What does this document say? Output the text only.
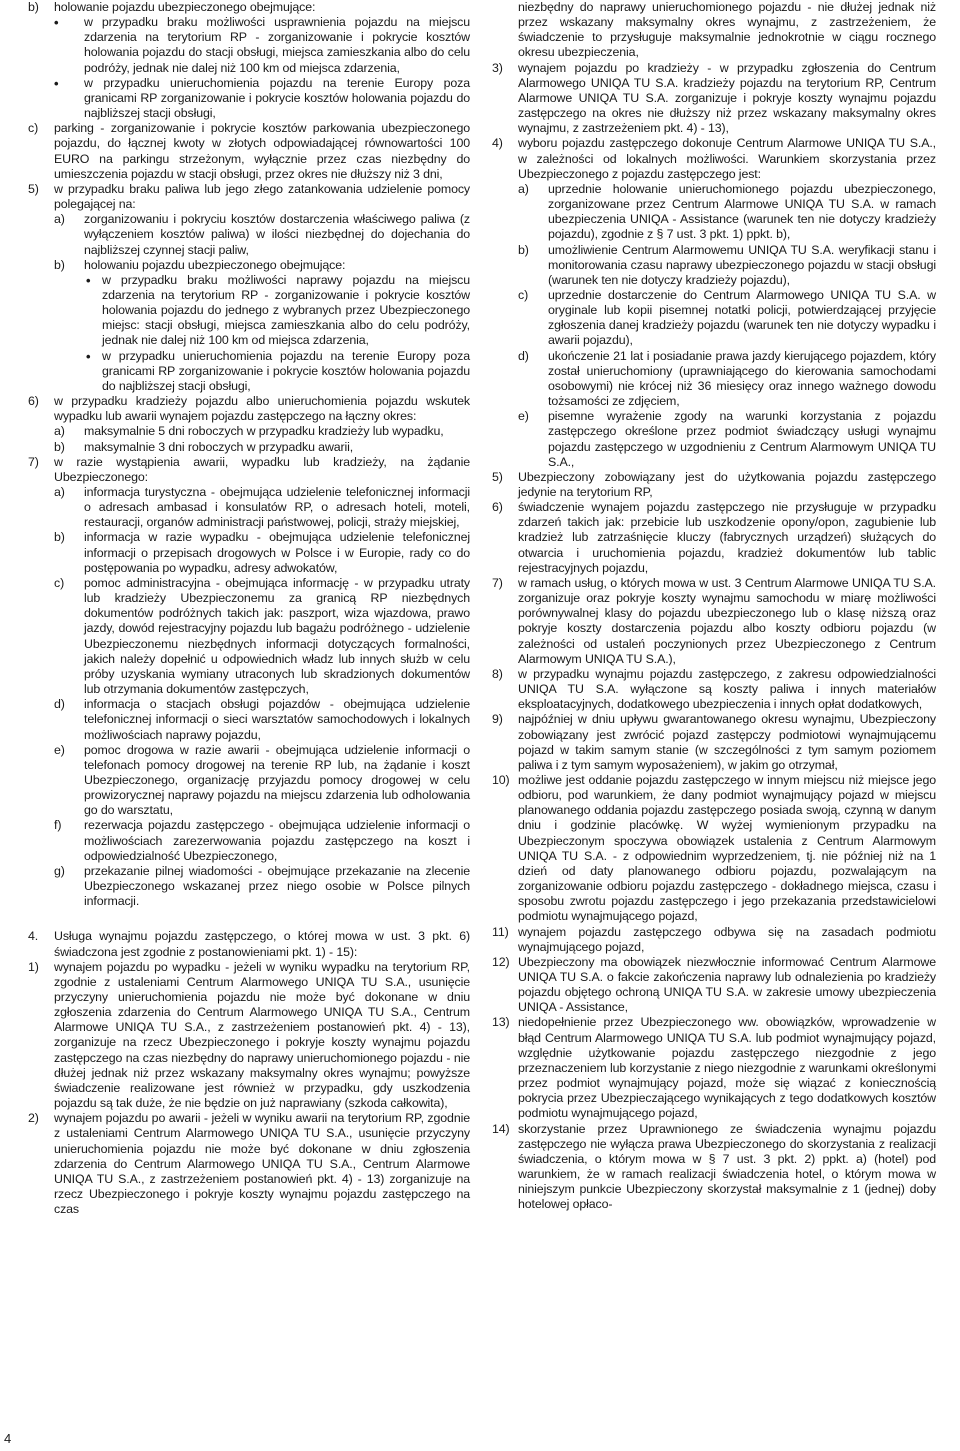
b) holowanie pojazdu ubezpieczonego obejmujące:
• w przypadku braku możliwości usprawnienia pojazdu na miejscu zdarzenia na terytorium RP - zorganizowanie i pokrycie kosztów holowania pojazdu do stacji obsługi, miejsca zamieszkania albo do celu podróży, jednak nie dalej niż 100 km od miejsca zdarzenia,
• w przypadku unieruchomienia pojazdu na terenie Europy poza granicami RP zorganizowanie i pokrycie kosztów holowania pojazdu do najbliższej stacji obsługi,
c) parking - zorganizowanie i pokrycie kosztów parkowania ubezpieczonego pojazdu, do łącznej kwoty w złotych odpowiadającej równowartości 100 EURO na parkingu strzeżonym, wyłącznie przez czas niezbędny do umieszczenia pojazdu w stacji obsługi, przez okres nie dłuższy niż 3 dni,
5) w przypadku braku paliwa lub jego złego zatankowania udzielenie pomocy polegającej na:
a) zorganizowaniu i pokryciu kosztów dostarczenia właściwego paliwa (z wyłączeniem kosztów paliwa) w ilości niezbędnej do dojechania do najbliższej czynnej stacji paliw,
b) holowaniu pojazdu ubezpieczonego obejmujące:
• w przypadku braku możliwości naprawy pojazdu na miejscu zdarzenia na terytorium RP - zorganizowanie i pokrycie kosztów holowania pojazdu do jednego z wybranych przez Ubezpieczonego miejsc: stacji obsługi, miejsca zamieszkania albo do celu podróży, jednak nie dalej niż 100 km od miejsca zdarzenia,
• w przypadku unieruchomienia pojazdu na terenie Europy poza granicami RP zorganizowanie i pokrycie kosztów holowania pojazdu do najbliższej stacji obsługi,
6) w przypadku kradzieży pojazdu albo unieruchomienia pojazdu wskutek wypadku lub awarii wynajem pojazdu zastępczego na łączny okres:
a) maksymalnie 5 dni roboczych w przypadku kradzieży lub wypadku,
b) maksymalnie 3 dni roboczych w przypadku awarii,
7) w razie wystąpienia awarii, wypadku lub kradzieży, na żądanie Ubezpieczonego:
a) informacja turystyczna - obejmująca udzielenie telefonicznej informacji o adresach ambasad i konsulatów RP, o adresach hoteli, moteli, restauracji, organów administracji państwowej, policji, straży miejskiej,
b) informacja w razie wypadku - obejmująca udzielenie telefonicznej informacji o przepisach drogowych w Polsce i w Europie, rady co do postępowania po wypadku, adresy adwokatów,
c) pomoc administracyjna - obejmująca informację - w przypadku utraty lub kradzieży Ubezpieczonemu za granicą RP niezbędnych dokumentów podróżnych takich jak: paszport, wiza wjazdowa, prawo jazdy, dowód rejestracyjny pojazdu lub bagażu podróżnego - udzielenie Ubezpieczonemu niezbędnych informacji dotyczących formalności, jakich należy dopełnić u odpowiednich władz lub innych służb w celu próby uzyskania wymiany utraconych lub skradzionych dokumentów lub otrzymania dokumentów zastępczych,
d) informacja o stacjach obsługi pojazdów - obejmująca udzielenie telefonicznej informacji o sieci warsztatów samochodowych i lokalnych możliwościach naprawy pojazdu,
e) pomoc drogowa w razie awarii - obejmująca udzielenie informacji o telefonach pomocy drogowej na terenie RP lub, na żądanie i koszt Ubezpieczonego, organizację przyjazdu pomocy drogowej w celu prowizorycznej naprawy pojazdu na miejscu zdarzenia lub odholowania go do warsztatu,
f) rezerwacja pojazdu zastępczego - obejmująca udzielenie informacji o możliwościach zarezerwowania pojazdu zastępczego na koszt i odpowiedzialność Ubezpieczonego,
g) przekazanie pilnej wiadomości - obejmujące przekazanie na zlecenie Ubezpieczonego wskazanej przez niego osobie w Polsce pilnych informacji.
4. Usługa wynajmu pojazdu zastępczego, o której mowa w ust. 3 pkt. 6) świadczona jest zgodnie z postanowieniami pkt. 1) - 15):
1) wynajem pojazdu po wypadku - jeżeli w wyniku wypadku na terytorium RP, zgodnie z ustaleniami Centrum Alarmowego UNIQA TU S.A., usunięcie przyczyny unieruchomienia pojazdu nie może być dokonane w dniu zgłoszenia zdarzenia do Centrum Alarmowego UNIQA TU S.A., Centrum Alarmowe UNIQA TU S.A., z zastrzeżeniem postanowień pkt. 4) - 13), zorganizuje na rzecz Ubezpieczonego i pokryje koszty wynajmu pojazdu zastępczego na czas niezbędny do naprawy unieruchomionego pojazdu - nie dłużej jednak niż przez wskazany maksymalny okres wynajmu; powyższe świadczenie realizowane jest również w przypadku, gdy uszkodzenia pojazdu są tak duże, że nie będzie on już naprawiany (szkoda całkowita),
2) wynajem pojazdu po awarii - jeżeli w wyniku awarii na terytorium RP, zgodnie z ustaleniami Centrum Alarmowego UNIQA TU S.A., usunięcie przyczyny unieruchomienia pojazdu nie może być dokonane w dniu zgłoszenia zdarzenia do Centrum Alarmowego UNIQA TU S.A., Centrum Alarmowe UNIQA TU S.A., z zastrzeżeniem postanowień pkt. 4) - 13) zorganizuje na rzecz Ubezpieczonego i pokryje koszty wynajmu pojazdu zastępczego na czas
niezbędny do naprawy unieruchomionego pojazdu - nie dłużej jednak niż przez wskazany maksymalny okres wynajmu, z zastrzeżeniem, że świadczenie to przysługuje maksymalnie jednokrotnie w ciągu rocznego okresu ubezpieczenia,
3) wynajem pojazdu po kradzieży - w przypadku zgłoszenia do Centrum Alarmowego UNIQA TU S.A. kradzieży pojazdu na terytorium RP, Centrum Alarmowe UNIQA TU S.A. zorganizuje i pokryje koszty wynajmu pojazdu zastępczego na okres nie dłuższy niż przez wskazany maksymalny okres wynajmu, z zastrzeżeniem pkt. 4) - 13),
4) wyboru pojazdu zastępczego dokonuje Centrum Alarmowe UNIQA TU S.A., w zależności od lokalnych możliwości. Warunkiem skorzystania przez Ubezpieczonego z pojazdu zastępczego jest:
a) uprzednie holowanie unieruchomionego pojazdu ubezpieczonego, zorganizowane przez Centrum Alarmowe UNIQA TU S.A. w ramach ubezpieczenia UNIQA - Assistance (warunek ten nie dotyczy kradzieży pojazdu), zgodnie z § 7 ust. 3 pkt. 1) ppkt. b),
b) umożliwienie Centrum Alarmowemu UNIQA TU S.A. weryfikacji stanu i monitorowania czasu naprawy ubezpieczonego pojazdu w stacji obsługi (warunek ten nie dotyczy kradzieży pojazdu),
c) uprzednie dostarczenie do Centrum Alarmowego UNIQA TU S.A. w oryginale lub kopii pisemnej notatki policji, potwierdzającej przyjęcie zgłoszenia danej kradzieży pojazdu (warunek ten nie dotyczy wypadku i awarii pojazdu),
d) ukończenie 21 lat i posiadanie prawa jazdy kierującego pojazdem, który został unieruchomiony (uprawniającego do kierowania samochodami osobowymi) nie krócej niż 36 miesięcy oraz innego ważnego dowodu tożsamości ze zdjęciem,
e) pisemne wyrażenie zgody na warunki korzystania z pojazdu zastępczego określone przez podmiot świadczący usługi wynajmu pojazdu zastępczego w uzgodnieniu z Centrum Alarmowym UNIQA TU S.A.,
5) Ubezpieczony zobowiązany jest do użytkowania pojazdu zastępczego jedynie na terytorium RP,
6) świadczenie wynajem pojazdu zastępczego nie przysługuje w przypadku zdarzeń takich jak: przebicie lub uszkodzenie opony/opon, zagubienie lub kradzież lub zatrzaśnięcie kluczy (fabrycznych urządzeń) służących do otwarcia i uruchomienia pojazdu, kradzież dokumentów lub tablic rejestracyjnych pojazdu,
7) w ramach usług, o których mowa w ust. 3 Centrum Alarmowe UNIQA TU S.A. zorganizuje oraz pokryje koszty wynajmu samochodu w miarę możliwości porównywalnej klasy do pojazdu ubezpieczonego lub o klasę niższą oraz pokryje koszty dostarczenia pojazdu albo koszty odbioru pojazdu (w zależności od ustaleń poczynionych przez Ubezpieczonego z Centrum Alarmowym UNIQA TU S.A.),
8) w przypadku wynajmu pojazdu zastępczego, z zakresu odpowiedzialności UNIQA TU S.A. wyłączone są koszty paliwa i innych materiałów eksploatacyjnych, dodatkowego ubezpieczenia i innych opłat dodatkowych,
9) najpóźniej w dniu upływu gwarantowanego okresu wynajmu, Ubezpieczony zobowiązany jest zwrócić pojazd zastępczy podmiotowi wynajmującemu pojazd w takim samym stanie (w szczególności z tym samym poziomem paliwa i z tym samym wyposażeniem), w jakim go otrzymał,
10) możliwe jest oddanie pojazdu zastępczego w innym miejscu niż miejsce jego odbioru, pod warunkiem, że dany podmiot wynajmujący pojazd w miejscu planowanego oddania pojazdu zastępczego posiada swoją, czynną w danym dniu i godzinie placówkę. W wyżej wymienionym przypadku na Ubezpieczonym spoczywa obowiązek ustalenia z Centrum Alarmowym UNIQA TU S.A. - z odpowiednim wyprzedzeniem, tj. nie później niż na 1 dzień od daty planowanego odbioru pojazdu, pozwalającym na zorganizowanie odbioru pojazdu zastępczego - dokładnego miejsca, czasu i sposobu zwrotu pojazdu zastępczego i jego przekazania przedstawicielowi podmiotu wynajmującego pojazd,
11) wynajem pojazdu zastępczego odbywa się na zasadach podmiotu wynajmującego pojazd,
12) Ubezpieczony ma obowiązek niezwłocznie informować Centrum Alarmowe UNIQA TU S.A. o fakcie zakończenia naprawy lub odnalezienia po kradzieży pojazdu objętego ochroną UNIQA TU S.A. w zakresie umowy ubezpieczenia UNIQA - Assistance,
13) niedopełnienie przez Ubezpieczonego ww. obowiązków, wprowadzenie w błąd Centrum Alarmowego UNIQA TU S.A. lub podmiot wynajmujący pojazd, względnie użytkowanie pojazdu zastępczego niezgodnie z jego przeznaczeniem lub korzystanie z niego niezgodnie z warunkami określonymi przez podmiot wynajmujący pojazd, może się wiązać z koniecznością pokrycia przez Ubezpieczającego wynikających z tego dodatkowych kosztów podmiotu wynajmującego pojazd,
14) skorzystanie przez Uprawnionego ze świadczenia wynajmu pojazdu zastępczego nie wyłącza prawa Ubezpieczonego do skorzystania z realizacji świadczenia, o którym mowa w § 7 ust. 3 pkt. 2) ppkt. a) (hotel) pod warunkiem, że w ramach realizacji świadczenia hotel, o którym mowa w niniejszym punkcie Ubezpieczony skorzystał maksymalnie z 1 (jednej) doby hotelowej opłaco-
4
